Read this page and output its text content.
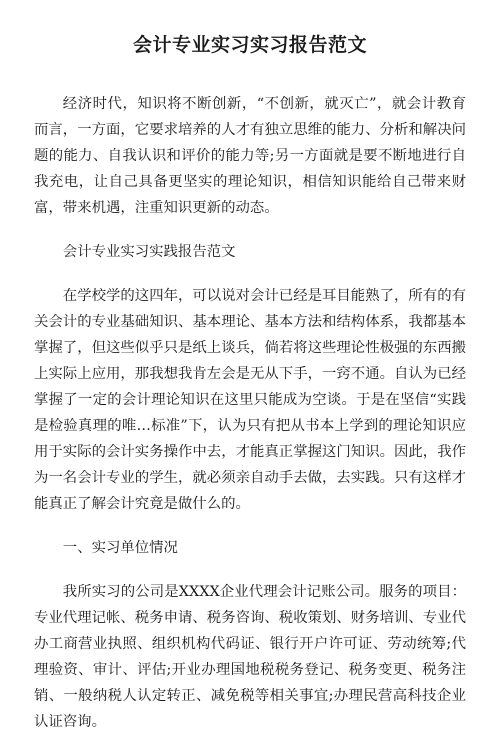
会计专业实习实习报告范文

经济时代，知识将不断创新，“不创新，就灭亡”，就会计教育而言，一方面，它要求培养的人才有独立思维的能力、分析和解决问题的能力、自我认识和评价的能力等;另一方面就是要不断地进行自我充电，让自己具备更坚实的理论知识，相信知识能给自己带来财富，带来机遇，注重知识更新的动态。

会计专业实习实践报告范文

在学校学的这四年，可以说对会计已经是耳目能熟了，所有的有关会计的专业基础知识、基本理论、基本方法和结构体系，我都基本掌握了，但这些似乎只是纸上谈兵，倘若将这些理论性极强的东西搬上实际上应用，那我想我肯左会是无从下手，一窍不通。自认为已经掌握了一定的会计理论知识在这里只能成为空谈。于是在坚信“实践是检验真理的唯…标准”下，认为只有把从书本上学到的理论知识应用于实际的会计实务操作中去，才能真正掌握这门知识。因此，我作为一名会计专业的学生，就必须亲自动手去做，去实践。只有这样才能真正了解会计究竟是做什么的。

一、实习单位情况

我所实习的公司是XXXX企业代理会计记账公司。服务的项目：专业代理记帐、税务申请、税务咨询、税收策划、财务培训、专业代办工商营业执照、组织机构代码证、银行开户许可证、劳动统筹;代理验资、审计、评估;开业办理国地税税务登记、税务变更、税务注销、一般纳税人认定转正、减免税等相关事宜;办理民营高科技企业认证咨询。
